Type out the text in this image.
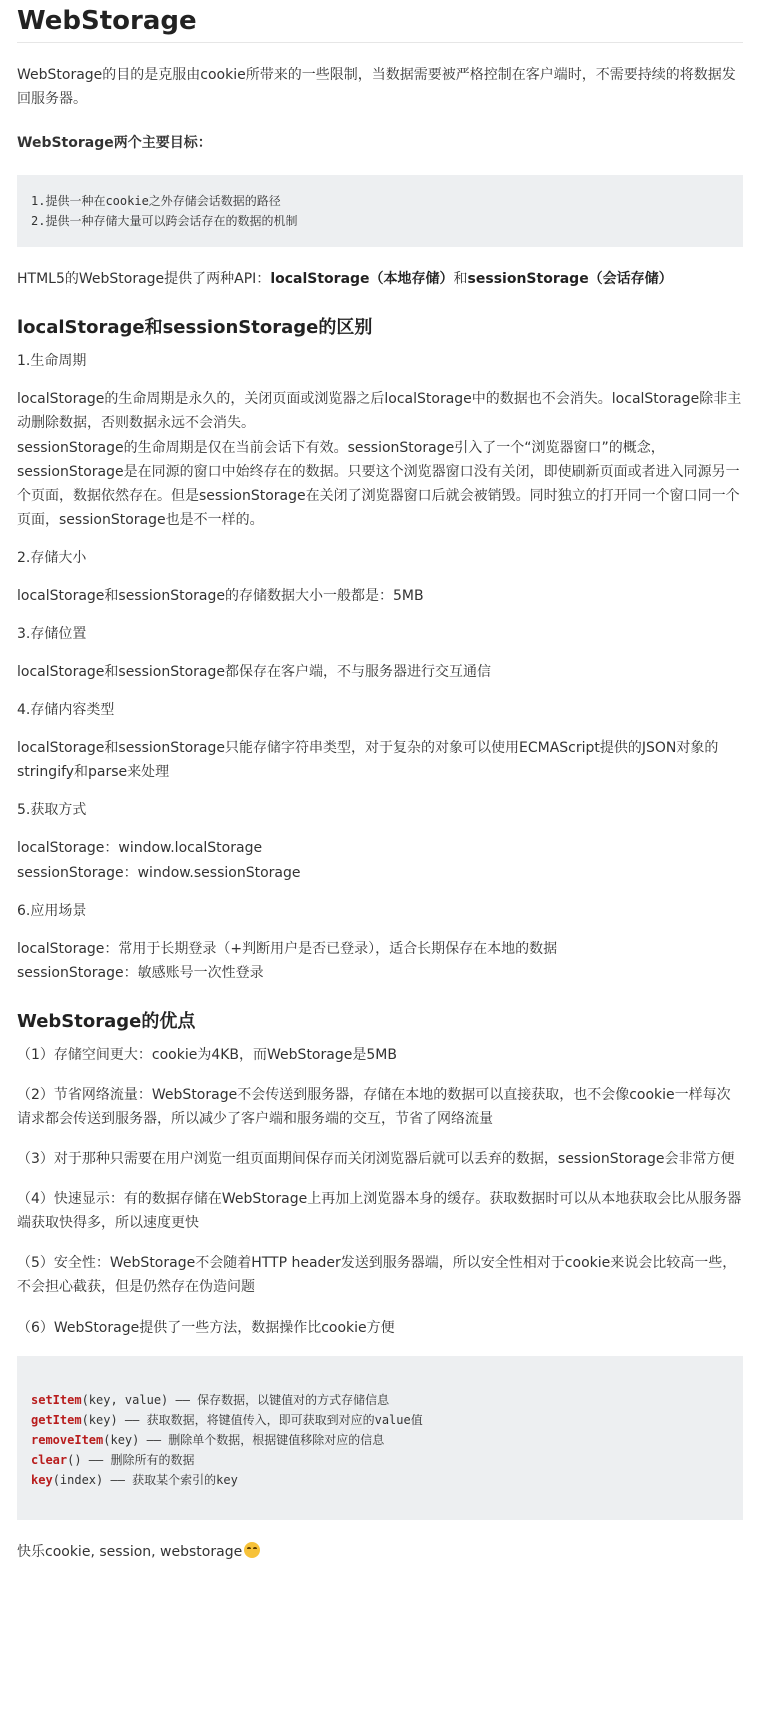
WebStorage

WebStorage的目的是克服由cookie所带来的一些限制，当数据需要被严格控制在客户端时，不需要持续的将数据发回服务器。

WebStorage两个主要目标：

1.提供一种在cookie之外存储会话数据的路径
2.提供一种存储大量可以跨会话存在的数据的机制

HTML5的WebStorage提供了两种API：localStorage（本地存储）和sessionStorage（会话存储）

localStorage和sessionStorage的区别

1.生命周期

localStorage的生命周期是永久的，关闭页面或浏览器之后localStorage中的数据也不会消失。localStorage除非主动删除数据，否则数据永远不会消失。
sessionStorage的生命周期是仅在当前会话下有效。sessionStorage引入了一个“浏览器窗口”的概念，sessionStorage是在同源的窗口中始终存在的数据。只要这个浏览器窗口没有关闭，即使刷新页面或者进入同源另一个页面，数据依然存在。但是sessionStorage在关闭了浏览器窗口后就会被销毁。同时独立的打开同一个窗口同一个页面，sessionStorage也是不一样的。

2.存储大小

localStorage和sessionStorage的存储数据大小一般都是：5MB

3.存储位置

localStorage和sessionStorage都保存在客户端，不与服务器进行交互通信

4.存储内容类型

localStorage和sessionStorage只能存储字符串类型，对于复杂的对象可以使用ECMAScript提供的JSON对象的stringify和parse来处理

5.获取方式

localStorage：window.localStorage
sessionStorage：window.sessionStorage

6.应用场景

localStorage：常用于长期登录（+判断用户是否已登录），适合长期保存在本地的数据
sessionStorage：敏感账号一次性登录

WebStorage的优点

（1）存储空间更大：cookie为4KB，而WebStorage是5MB

（2）节省网络流量：WebStorage不会传送到服务器，存储在本地的数据可以直接获取，也不会像cookie一样每次请求都会传送到服务器，所以减少了客户端和服务端的交互，节省了网络流量

（3）对于那种只需要在用户浏览一组页面期间保存而关闭浏览器后就可以丢弃的数据，sessionStorage会非常方便

（4）快速显示：有的数据存储在WebStorage上再加上浏览器本身的缓存。获取数据时可以从本地获取会比从服务器端获取快得多，所以速度更快

（5）安全性：WebStorage不会随着HTTP header发送到服务器端，所以安全性相对于cookie来说会比较高一些，不会担心截获，但是仍然存在伪造问题

（6）WebStorage提供了一些方法，数据操作比cookie方便

setItem(key, value) —— 保存数据，以键值对的方式存储信息
getItem(key) —— 获取数据，将键值传入，即可获取到对应的value值
removeItem(key) —— 删除单个数据，根据键值移除对应的信息
clear() —— 删除所有的数据
key(index) —— 获取某个索引的key

快乐cookie, session, webstorage
